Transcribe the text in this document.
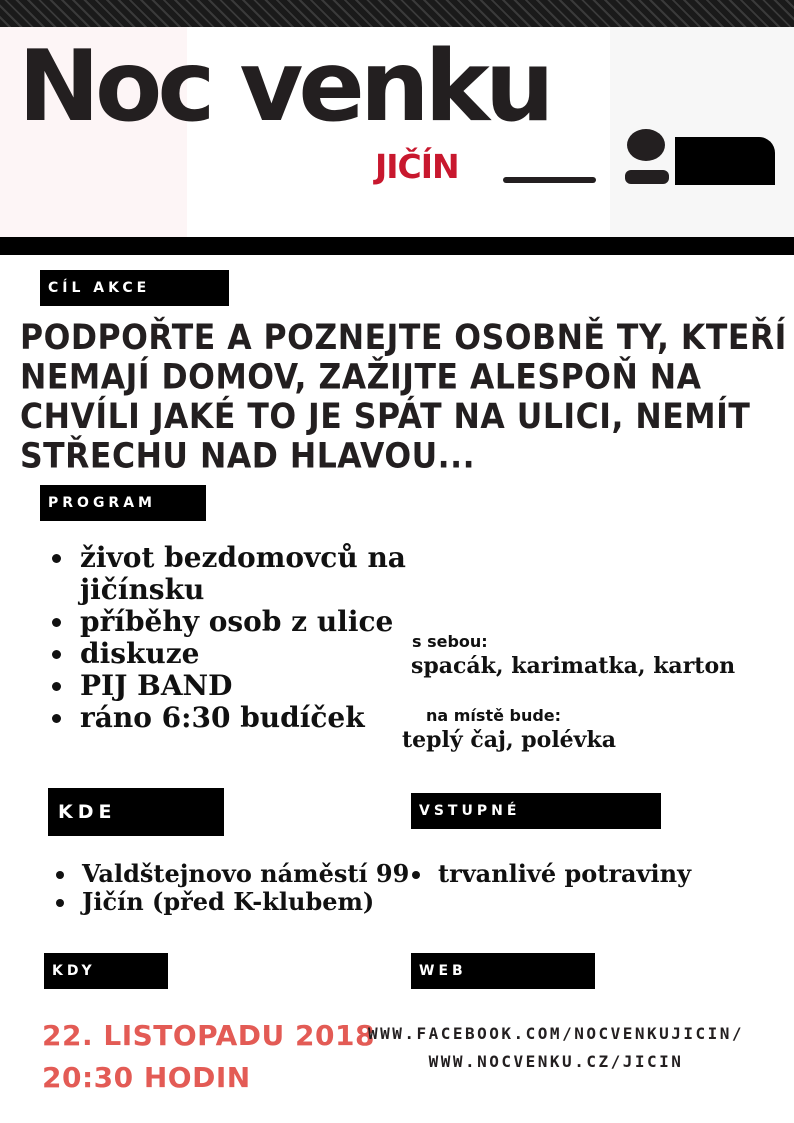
Noc venku
JIČÍN
CÍL AKCE

PODPOŘTE A POZNEJTE OSOBNĚ TY, KTEŘÍ NEMAJÍ DOMOV, ZAŽIJTE ALESPOŇ NA CHVÍLI JAKÉ TO JE SPÁT NA ULICI, NEMÍT STŘECHU NAD HLAVOU...

PROGRAM
• život bezdomovců na jičínsku
• příběhy osob z ulice
• diskuze
• PIJ BAND
• ráno 6:30 budíček
s sebou:
spacák, karimatka, karton
na místě bude:
teplý čaj, polévka
KDE
• Valdštejnovo náměstí 99
• Jičín (před K-klubem)
VSTUPNÉ
• trvanlivé potraviny
KDY
22. LISTOPADU 2018
20:30 HODIN
WEB
WWW.FACEBOOK.COM/NOCVENKUJICIN/
WWW.NOCVENKU.CZ/JICIN
